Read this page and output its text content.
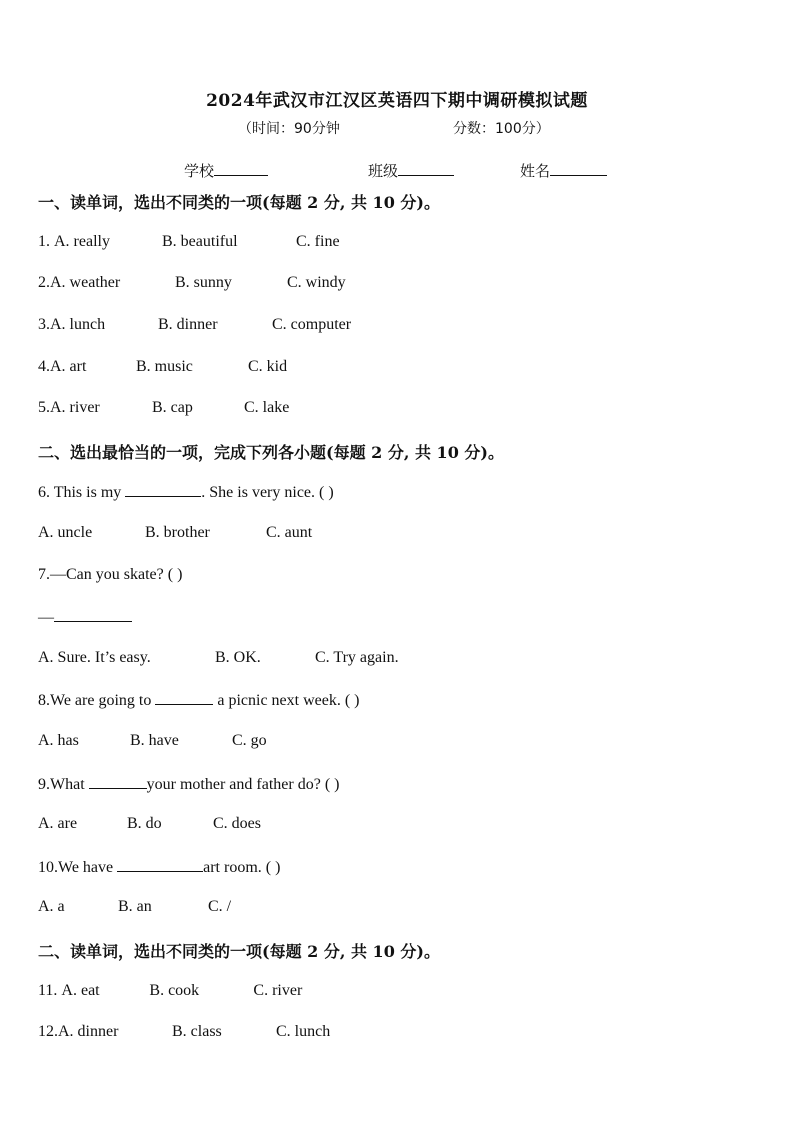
2024年武汉市江汉区英语四下期中调研模拟试题
（时间：90分钟	分数：100分）
学校	班级	姓名
一、读单词，选出不同类的一项(每题 2 分, 共 10 分)。
1. A. really	B. beautiful	C. fine
2.A. weather	B. sunny	C. windy
3.A. lunch	B. dinner	C. computer
4.A. art	B. music	C. kid
5.A. river	B. cap	C. lake
二、选出最恰当的一项，完成下列各小题(每题 2 分, 共 10 分)。
6. This is my	. She is very nice. ( )
A. uncle	B. brother	C. aunt
7.—Can you skate? ( )
—
A. Sure. It’s easy.	B. OK.	C. Try again.
8.We are going to	a picnic next week. ( )
A. has	B. have	C. go
9.What	your mother and father do? ( )
A. are	B. do	C. does
10.We have	art room. ( )
A. a	B. an	C. /
二、读单词，选出不同类的一项(每题 2 分, 共 10 分)。
11. A. eat	B. cook	C. river
12.A. dinner	B. class	C. lunch
